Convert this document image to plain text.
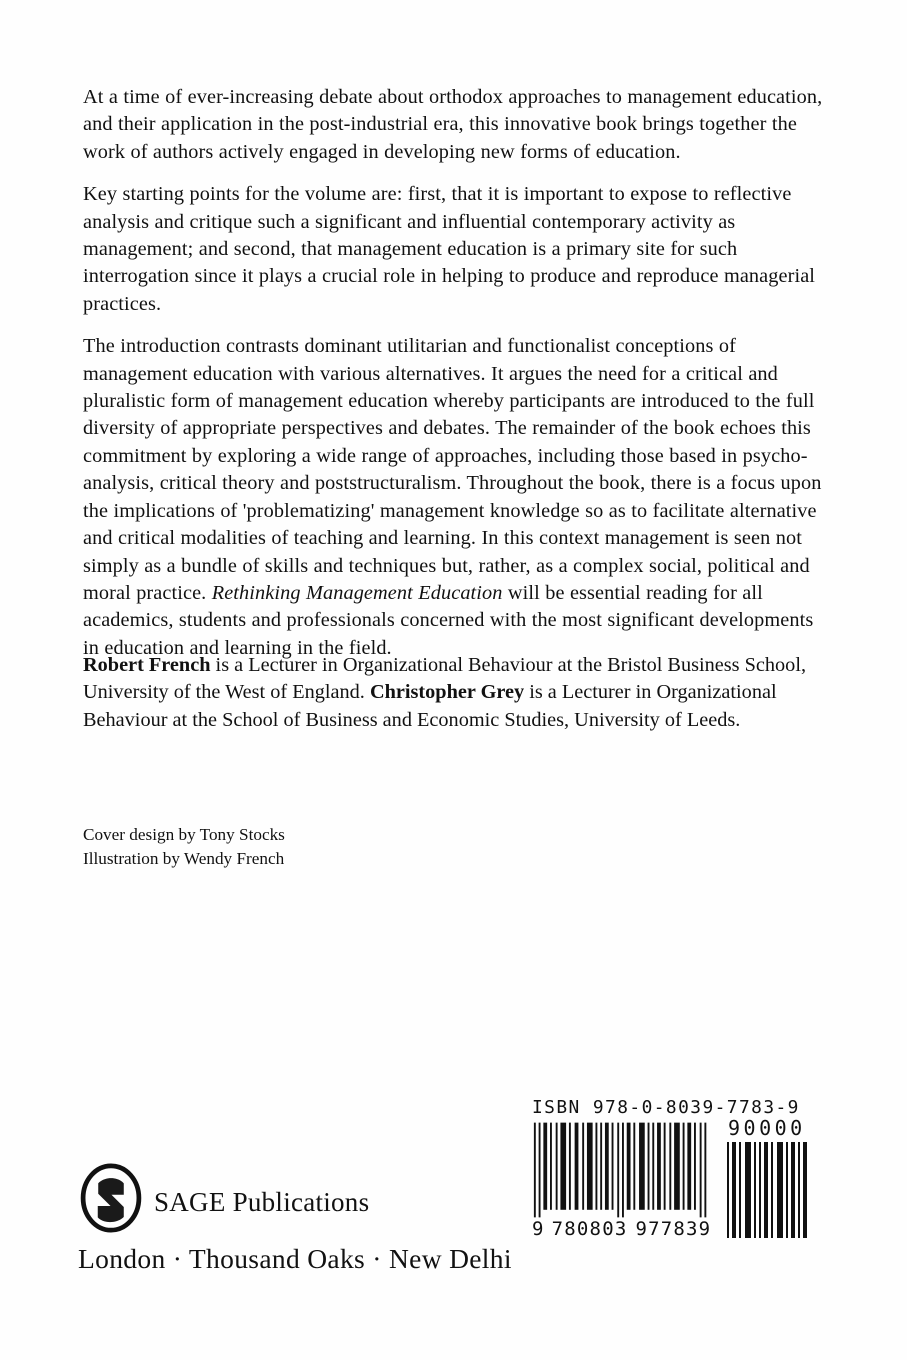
At a time of ever-increasing debate about orthodox approaches to management education, and their application in the post-industrial era, this innovative book brings together the work of authors actively engaged in developing new forms of education.

Key starting points for the volume are: first, that it is important to expose to reflective analysis and critique such a significant and influential contemporary activity as management; and second, that management education is a primary site for such interrogation since it plays a crucial role in helping to produce and reproduce managerial practices.

The introduction contrasts dominant utilitarian and functionalist conceptions of management education with various alternatives. It argues the need for a critical and pluralistic form of management education whereby participants are introduced to the full diversity of appropriate perspectives and debates. The remainder of the book echoes this commitment by exploring a wide range of approaches, including those based in psycho-analysis, critical theory and poststructuralism. Throughout the book, there is a focus upon the implications of 'problematizing' management knowledge so as to facilitate alternative and critical modalities of teaching and learning. In this context management is seen not simply as a bundle of skills and techniques but, rather, as a complex social, political and moral practice. Rethinking Management Education will be essential reading for all academics, students and professionals concerned with the most significant developments in education and learning in the field.

Robert French is a Lecturer in Organizational Behaviour at the Bristol Business School, University of the West of England. Christopher Grey is a Lecturer in Organizational Behaviour at the School of Business and Economic Studies, University of Leeds.

Cover design by Tony Stocks
Illustration by Wendy French
SAGE Publications
London · Thousand Oaks · New Delhi
ISBN 978-0-8039-7783-9
9 780803 977839
90000
